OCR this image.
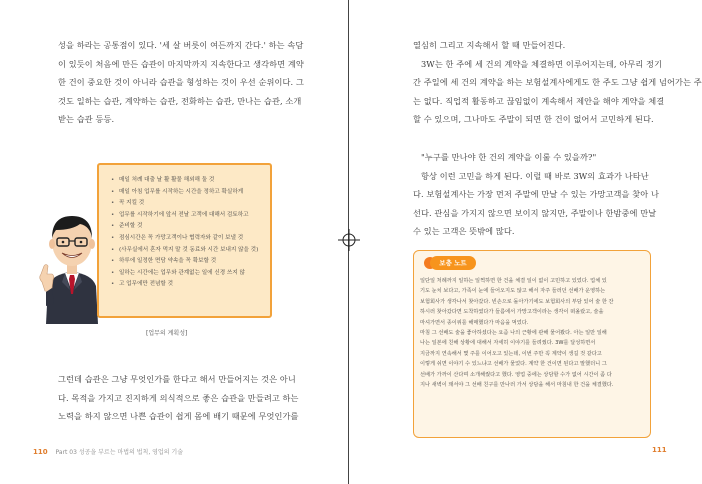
성을 하라는 공통점이 있다. '세 살 버릇이 여든까지 간다.' 하는 속담
이 있듯이 처음에 만든 습관이 마지막까지 지속한다고 생각하면 계약
한 건이 중요한 것이 아니라 습관을 형성하는 것이 우선 순위이다. 그
것도 일하는 습관, 계약하는 습관, 전화하는 습관, 만나는 습관, 소개
받는 습관 등등.
• 매일 처례 대출 날 활 활물 해외해 둘 것
• 매일 아침 업무를 시작하는 시간을 정하고 확실하게
• 꼭 지킬 것
• 업무를 시작하기에 앞서 전날 고객에 대해서 검토하고
• 준비할 것
• 점심시간은 꼭 가망고객이나 협력자와 같이 보낼 것
• (사무실에서 혼자 먹지 말 것 동료와 시간 보내지 않을 것)
• 하루에 일정한 면담 약속을 꼭 확보할 것
• 일하는 시간에는 업무와 관계없는 일에 신경 쓰지 않
• 고 업무에만 전념할 것
[업무의 계획성]
그런데 습관은 그냥 무엇인가를 한다고 해서 만들어지는 것은 아니
다. 목적을 가지고 진지하게 의식적으로 좋은 습관을 만들려고 하는
노력을 하지 않으면 나쁜 습관이 쉽게 몸에 배기 때문에 무엇인가를
110 Part 03 성공을 부르는 마법의 법칙, 영업의 기술
열심히 그리고 지속해서 할 때 만들어진다.
3W는 한 주에 세 건의 계약을 체결하면 이루어지는데, 아무리 정기
간 주일에 세 건의 계약을 하는 보험설계사에게도 한 주도 그냥 쉽게 넘어가는 주
는 없다. 직업적 활동하고 끊임없이 계속해서 제안을 해야 계약을 체결
할 수 있으며, 그나마도 주말이 되면 한 건이 없어서 고민하게 된다.
"누구를 만나야 한 건의 계약을 이룰 수 있을까?"
항상 이런 고민을 하게 된다. 이럴 때 바로 3W의 효과가 나타난
다. 보험설계사는 가장 먼저 주말에 만날 수 있는 가망고객을 찾아 나
선다. 관심을 가지지 않으면 보이지 않지만, 주말이나 한밤중에 만날
수 있는 고객은 뜻밖에 많다.
보충 노트
일단일 처례까지 일하는 일찍하면 한 건을 체결 일이 없이 고민하고 있었다. 업체 있
기도 눈치 보다고, 가족이 눈에 들어오지도 않고 해서 자주 들러던 선배가 운영하는
보험회사가 생각나서 찾아갔다. 빈손으로 돌아가기에도 보험회사의 부담 있어 술 한 잔
하시러 찾아갔다면 도착하였다가 들름에서 가망고객이라는 생각이 떠올랐고, 술을
마셔가면서 종이위를 해매했다가 마음을 먹었다.
마침 그 선배도 술을 좋아하셨다는 요즘 나의 근황에 관해 물어봤다. 아는 일만 일해
나는 일본에 친해 상황에 대해서 자세히 이야기를 들려줬다. 3W를 달성하면서
지금까지 연속해서 몇 주를 이어오고 있는데, 이번 주만 꼭 계약이 생길 것 같다고
이렇게 쉬면 이야기 수 있느냐고 선배가 물었다. 계약 한 건이면 된다고 말했더니 그
선배가 가까이 산다며 소개해줬다고 했다. 영업 중에는 상담할 수가 없어 시간이 좀 다
지나 새벽이 돼서야 그 선배 친구를 만나러 가서 상담을 해서 마침내 한 건을 체결했다.
111
